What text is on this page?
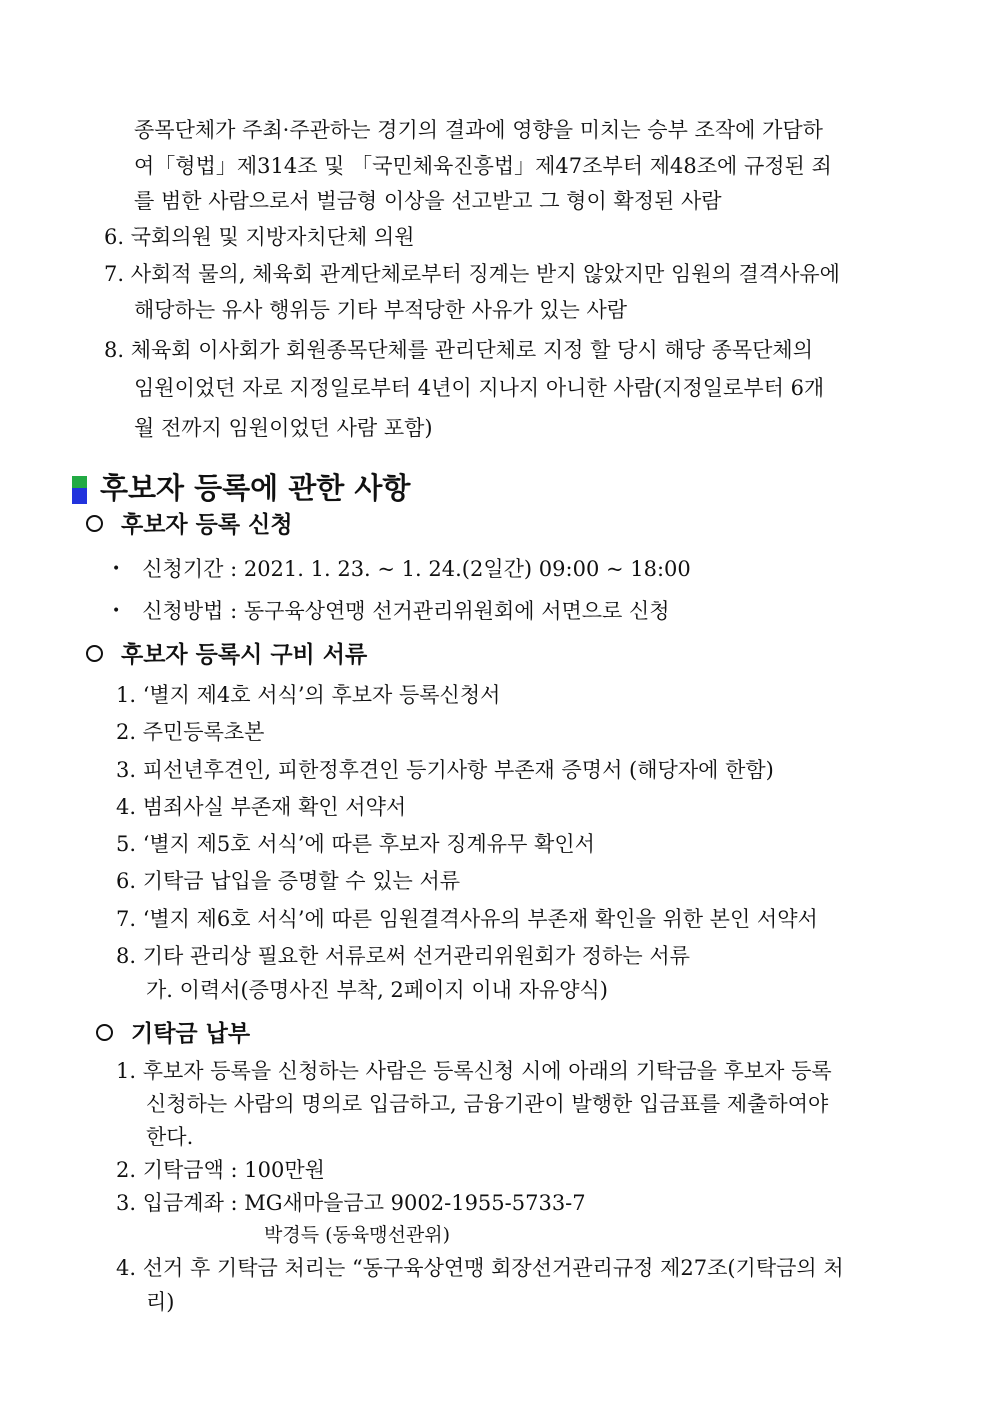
종목단체가 주최·주관하는 경기의 결과에 영향을 미치는 승부 조작에 가담하
여「형법」제314조 및 「국민체육진흥법」제47조부터 제48조에 규정된 죄
를 범한 사람으로서 벌금형 이상을 선고받고 그 형이 확정된 사람
6. 국회의원 및 지방자치단체 의원
7. 사회적 물의, 체육회 관계단체로부터 징계는 받지 않았지만 임원의 결격사유에
해당하는 유사 행위등 기타 부적당한 사유가 있는 사람
8. 체육회 이사회가 회원종목단체를 관리단체로 지정 할 당시 해당 종목단체의
임원이었던 자로 지정일로부터 4년이 지나지 아니한 사람(지정일로부터 6개
월 전까지 임원이었던 사람 포함)
후보자 등록에 관한 사항
후보자 등록 신청
• 신청기간 : 2021. 1. 23. ~ 1. 24.(2일간) 09:00 ~ 18:00
• 신청방법 : 동구육상연맹 선거관리위원회에 서면으로 신청
후보자 등록시 구비 서류
1. ‘별지 제4호 서식’의 후보자 등록신청서
2. 주민등록초본
3. 피선년후견인, 피한정후견인 등기사항 부존재 증명서 (해당자에 한함)
4. 범죄사실 부존재 확인 서약서
5. ‘별지 제5호 서식’에 따른 후보자 징계유무 확인서
6. 기탁금 납입을 증명할 수 있는 서류
7. ‘별지 제6호 서식’에 따른 임원결격사유의 부존재 확인을 위한 본인 서약서
8. 기타 관리상 필요한 서류로써 선거관리위원회가 정하는 서류
가. 이력서(증명사진 부착, 2페이지 이내 자유양식)
기탁금 납부
1. 후보자 등록을 신청하는 사람은 등록신청 시에 아래의 기탁금을 후보자 등록
신청하는 사람의 명의로 입금하고, 금융기관이 발행한 입금표를 제출하여야
한다.
2. 기탁금액 : 100만원
3. 입금계좌 : MG새마을금고 9002-1955-5733-7
박경득 (동육맹선관위)
4. 선거 후 기탁금 처리는 “동구육상연맹 회장선거관리규정 제27조(기탁금의 처
리)
